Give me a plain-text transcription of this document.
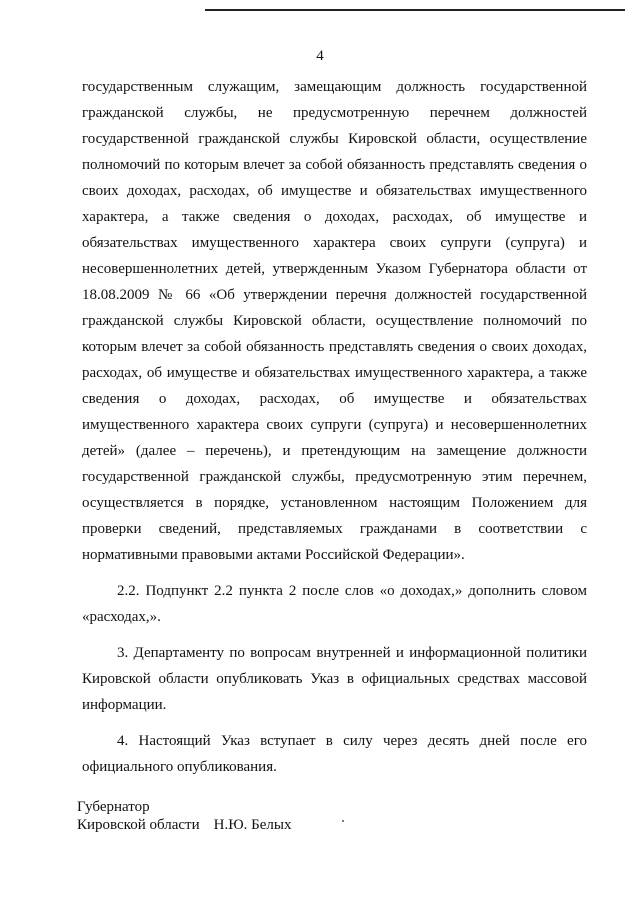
4
государственным служащим, замещающим должность государственной
гражданской службы, не предусмотренную перечнем должностей
государственной гражданской службы Кировской области, осуществление
полномочий по которым влечет за собой обязанность представлять сведения о
своих доходах, расходах, об имуществе и обязательствах имущественного
характера, а также сведения о доходах, расходах, об имуществе и
обязательствах имущественного характера своих супруги (супруга) и
несовершеннолетних детей, утвержденным Указом Губернатора области от
18.08.2009 № 66 «Об утверждении перечня должностей государственной
гражданской службы Кировской области, осуществление полномочий по
которым влечет за собой обязанность представлять сведения о своих доходах,
расходах, об имуществе и обязательствах имущественного характера, а также
сведения о доходах, расходах, об имуществе и обязательствах
имущественного характера своих супруги (супруга) и несовершеннолетних
детей» (далее – перечень), и претендующим на замещение должности
государственной гражданской службы, предусмотренную этим перечнем,
осуществляется в порядке, установленном настоящим Положением для
проверки сведений, представляемых гражданами в соответствии с
нормативными правовыми актами Российской Федерации».
2.2. Подпункт 2.2 пункта 2 после слов «о доходах,» дополнить словом
«расходах,».
3. Департаменту по вопросам внутренней и информационной политики
Кировской области опубликовать Указ в официальных средствах массовой
информации.
4. Настоящий Указ вступает в силу через десять дней после его
официального опубликования.
Губернатор
Кировской области Н.Ю. Белых
